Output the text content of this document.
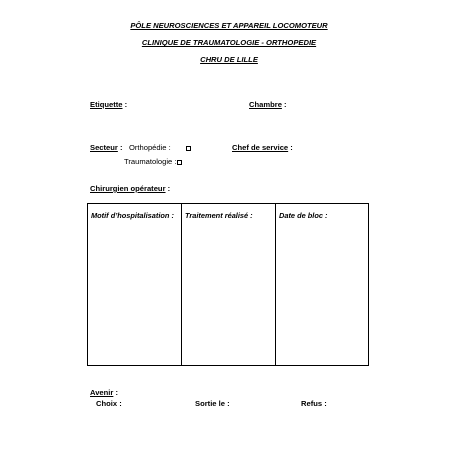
PÔLE NEUROSCIENCES ET APPAREIL LOCOMOTEUR
CLINIQUE DE TRAUMATOLOGIE - ORTHOPEDIE
CHRU DE LILLE
Etiquette :	Chambre :
Secteur : Orthopédie :
Traumatologie :
Chef de service :
Chirurgien opérateur :
Motif d’hospitalisation : Traitement réalisé :	Date de bloc :
Avenir :
Choix :	Sortie le :	Refus :
